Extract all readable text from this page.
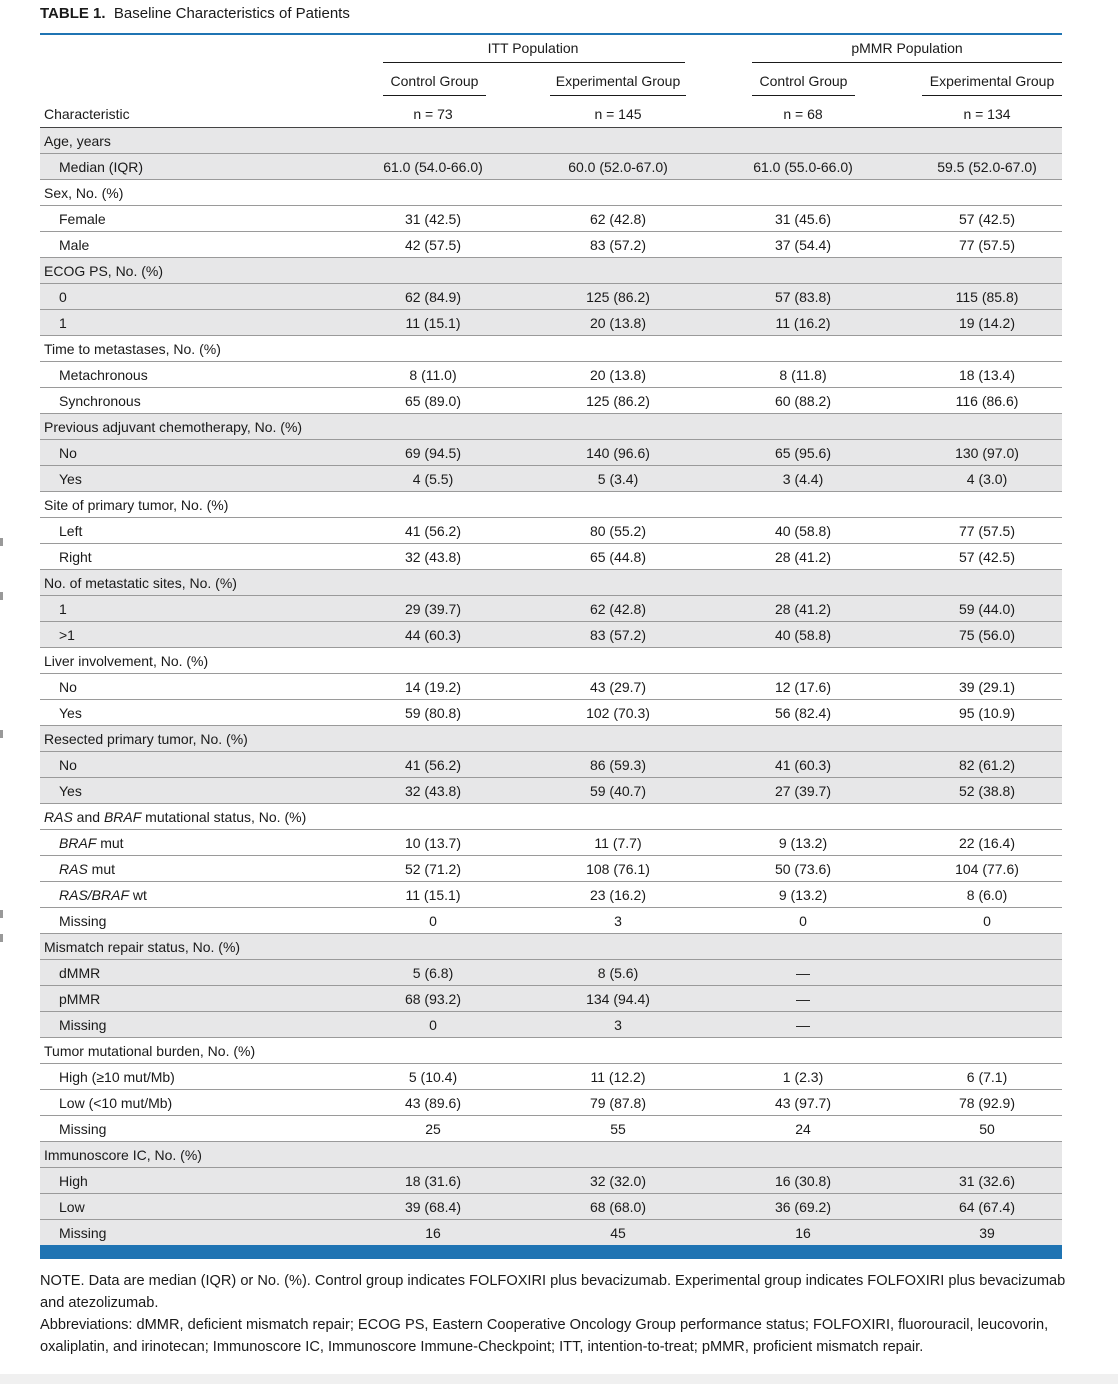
TABLE 1. Baseline Characteristics of Patients
ITT Population	pMMR Population
Control Group	Experimental Group	Control Group	Experimental Group
Characteristic	n = 73	n = 145	n = 68	n = 134
Age, years
Median (IQR)	61.0 (54.0-66.0)	60.0 (52.0-67.0)	61.0 (55.0-66.0)	59.5 (52.0-67.0)
Sex, No. (%)
Female	31 (42.5)	62 (42.8)	31 (45.6)	57 (42.5)
Male	42 (57.5)	83 (57.2)	37 (54.4)	77 (57.5)
ECOG PS, No. (%)
0	62 (84.9)	125 (86.2)	57 (83.8)	115 (85.8)
1	11 (15.1)	20 (13.8)	11 (16.2)	19 (14.2)
Time to metastases, No. (%)
Metachronous	8 (11.0)	20 (13.8)	8 (11.8)	18 (13.4)
Synchronous	65 (89.0)	125 (86.2)	60 (88.2)	116 (86.6)
Previous adjuvant chemotherapy, No. (%)
No	69 (94.5)	140 (96.6)	65 (95.6)	130 (97.0)
Yes	4 (5.5)	5 (3.4)	3 (4.4)	4 (3.0)
Site of primary tumor, No. (%)
Left	41 (56.2)	80 (55.2)	40 (58.8)	77 (57.5)
Right	32 (43.8)	65 (44.8)	28 (41.2)	57 (42.5)
No. of metastatic sites, No. (%)
1	29 (39.7)	62 (42.8)	28 (41.2)	59 (44.0)
>1	44 (60.3)	83 (57.2)	40 (58.8)	75 (56.0)
Liver involvement, No. (%)
No	14 (19.2)	43 (29.7)	12 (17.6)	39 (29.1)
Yes	59 (80.8)	102 (70.3)	56 (82.4)	95 (10.9)
Resected primary tumor, No. (%)
No	41 (56.2)	86 (59.3)	41 (60.3)	82 (61.2)
Yes	32 (43.8)	59 (40.7)	27 (39.7)	52 (38.8)
RAS and BRAF mutational status, No. (%)
BRAF mut	10 (13.7)	11 (7.7)	9 (13.2)	22 (16.4)
RAS mut	52 (71.2)	108 (76.1)	50 (73.6)	104 (77.6)
RAS/BRAF wt	11 (15.1)	23 (16.2)	9 (13.2)	8 (6.0)
Missing	0	3	0	0
Mismatch repair status, No. (%)
dMMR	5 (6.8)	8 (5.6)	—
pMMR	68 (93.2)	134 (94.4)	—
Missing	0	3	—
Tumor mutational burden, No. (%)
High (≥10 mut/Mb)	5 (10.4)	11 (12.2)	1 (2.3)	6 (7.1)
Low (<10 mut/Mb)	43 (89.6)	79 (87.8)	43 (97.7)	78 (92.9)
Missing	25	55	24	50
Immunoscore IC, No. (%)
High	18 (31.6)	32 (32.0)	16 (30.8)	31 (32.6)
Low	39 (68.4)	68 (68.0)	36 (69.2)	64 (67.4)
Missing	16	45	16	39
NOTE. Data are median (IQR) or No. (%). Control group indicates FOLFOXIRI plus bevacizumab. Experimental group indicates FOLFOXIRI plus bevacizumab and atezolizumab.
Abbreviations: dMMR, deficient mismatch repair; ECOG PS, Eastern Cooperative Oncology Group performance status; FOLFOXIRI, fluorouracil, leucovorin, oxaliplatin, and irinotecan; Immunoscore IC, Immunoscore Immune-Checkpoint; ITT, intention-to-treat; pMMR, proficient mismatch repair.
